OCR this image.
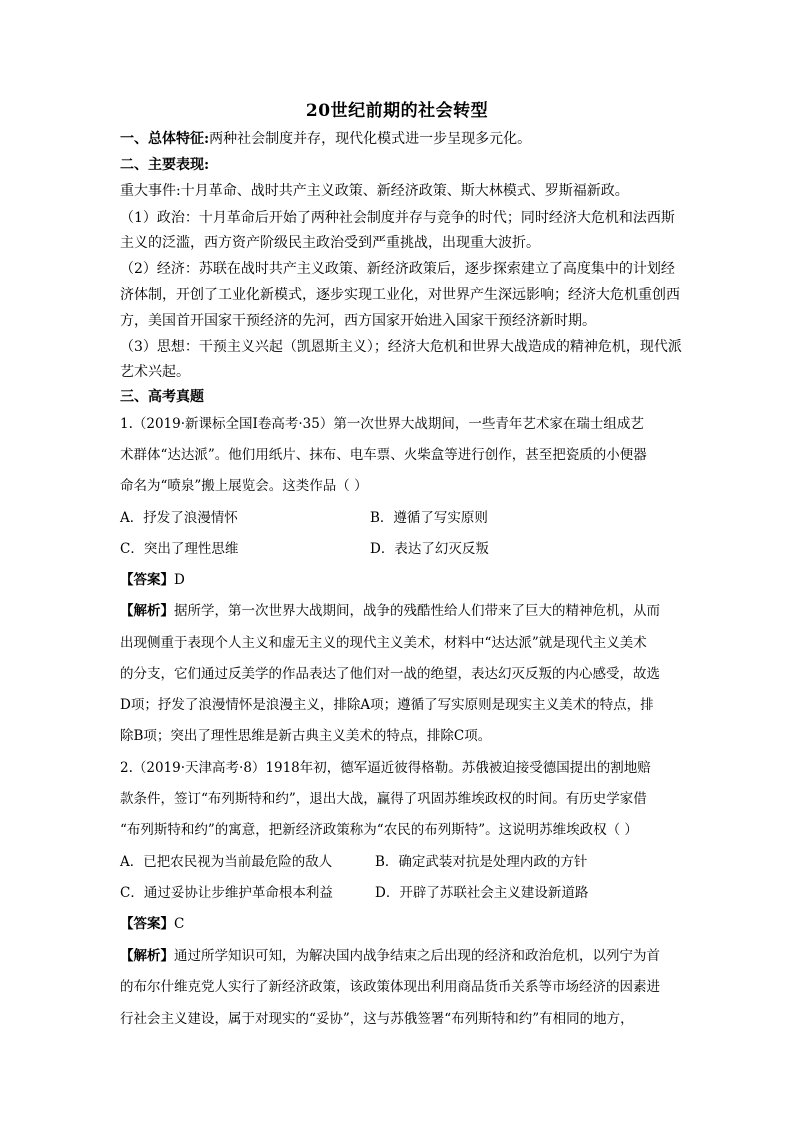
20世纪前期的社会转型
一、总体特征:两种社会制度并存，现代化模式进一步呈现多元化。
二、主要表现:
重大事件:十月革命、战时共产主义政策、新经济政策、斯大林模式、罗斯福新政。
（1）政治：十月革命后开始了两种社会制度并存与竞争的时代；同时经济大危机和法西斯
主义的泛滥，西方资产阶级民主政治受到严重挑战，出现重大波折。
（2）经济：苏联在战时共产主义政策、新经济政策后，逐步探索建立了高度集中的计划经
济体制，开创了工业化新模式，逐步实现工业化，对世界产生深远影响；经济大危机重创西
方，美国首开国家干预经济的先河，西方国家开始进入国家干预经济新时期。
（3）思想：干预主义兴起（凯恩斯主义）；经济大危机和世界大战造成的精神危机，现代派
艺术兴起。
三、高考真题
1.（2019·新课标全国Ⅰ卷高考·35）第一次世界大战期间，一些青年艺术家在瑞士组成艺
术群体“达达派”。他们用纸片、抹布、电车票、火柴盒等进行创作，甚至把瓷质的小便器
命名为“喷泉”搬上展览会。这类作品（ ）
A．抒发了浪漫情怀	B．遵循了写实原则
C．突出了理性思维	D．表达了幻灭反叛
【答案】D
【解析】据所学，第一次世界大战期间，战争的残酷性给人们带来了巨大的精神危机，从而
出现侧重于表现个人主义和虚无主义的现代主义美术，材料中“达达派”就是现代主义美术
的分支，它们通过反美学的作品表达了他们对一战的绝望，表达幻灭反叛的内心感受，故选
D项；抒发了浪漫情怀是浪漫主义，排除A项；遵循了写实原则是现实主义美术的特点，排
除B项；突出了理性思维是新古典主义美术的特点，排除C项。
2.（2019·天津高考·8）1918年初，德军逼近彼得格勒。苏俄被迫接受德国提出的割地赔
款条件，签订“布列斯特和约”，退出大战，赢得了巩固苏维埃政权的时间。有历史学家借
“布列斯特和约”的寓意，把新经济政策称为“农民的布列斯特”。这说明苏维埃政权（ ）
A．已把农民视为当前最危险的敌人	B．确定武装对抗是处理内政的方针
C．通过妥协让步维护革命根本利益	D．开辟了苏联社会主义建设新道路
【答案】C
【解析】通过所学知识可知，为解决国内战争结束之后出现的经济和政治危机，以列宁为首
的布尔什维克党人实行了新经济政策，该政策体现出利用商品货币关系等市场经济的因素进
行社会主义建设，属于对现实的“妥协”，这与苏俄签署“布列斯特和约”有相同的地方，
